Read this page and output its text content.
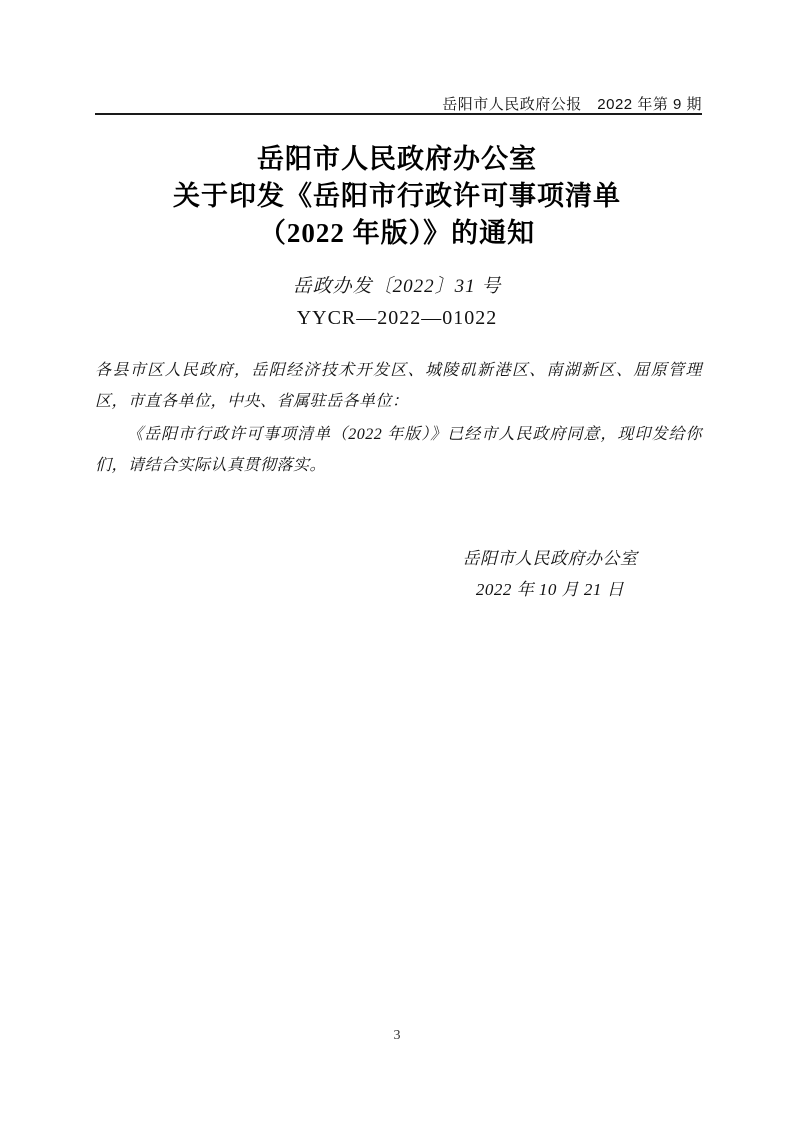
岳阳市人民政府公报　2022 年第 9 期
岳阳市人民政府办公室
关于印发《岳阳市行政许可事项清单
（2022 年版）》的通知
岳政办发〔2022〕31 号
YYCR—2022—01022

各县市区人民政府，岳阳经济技术开发区、城陵矶新港区、南湖新区、屈原管理区，市直各单位，中央、省属驻岳各单位：

《岳阳市行政许可事项清单（2022 年版）》已经市人民政府同意，现印发给你们，请结合实际认真贯彻落实。

岳阳市人民政府办公室
2022 年 10 月 21 日
3
